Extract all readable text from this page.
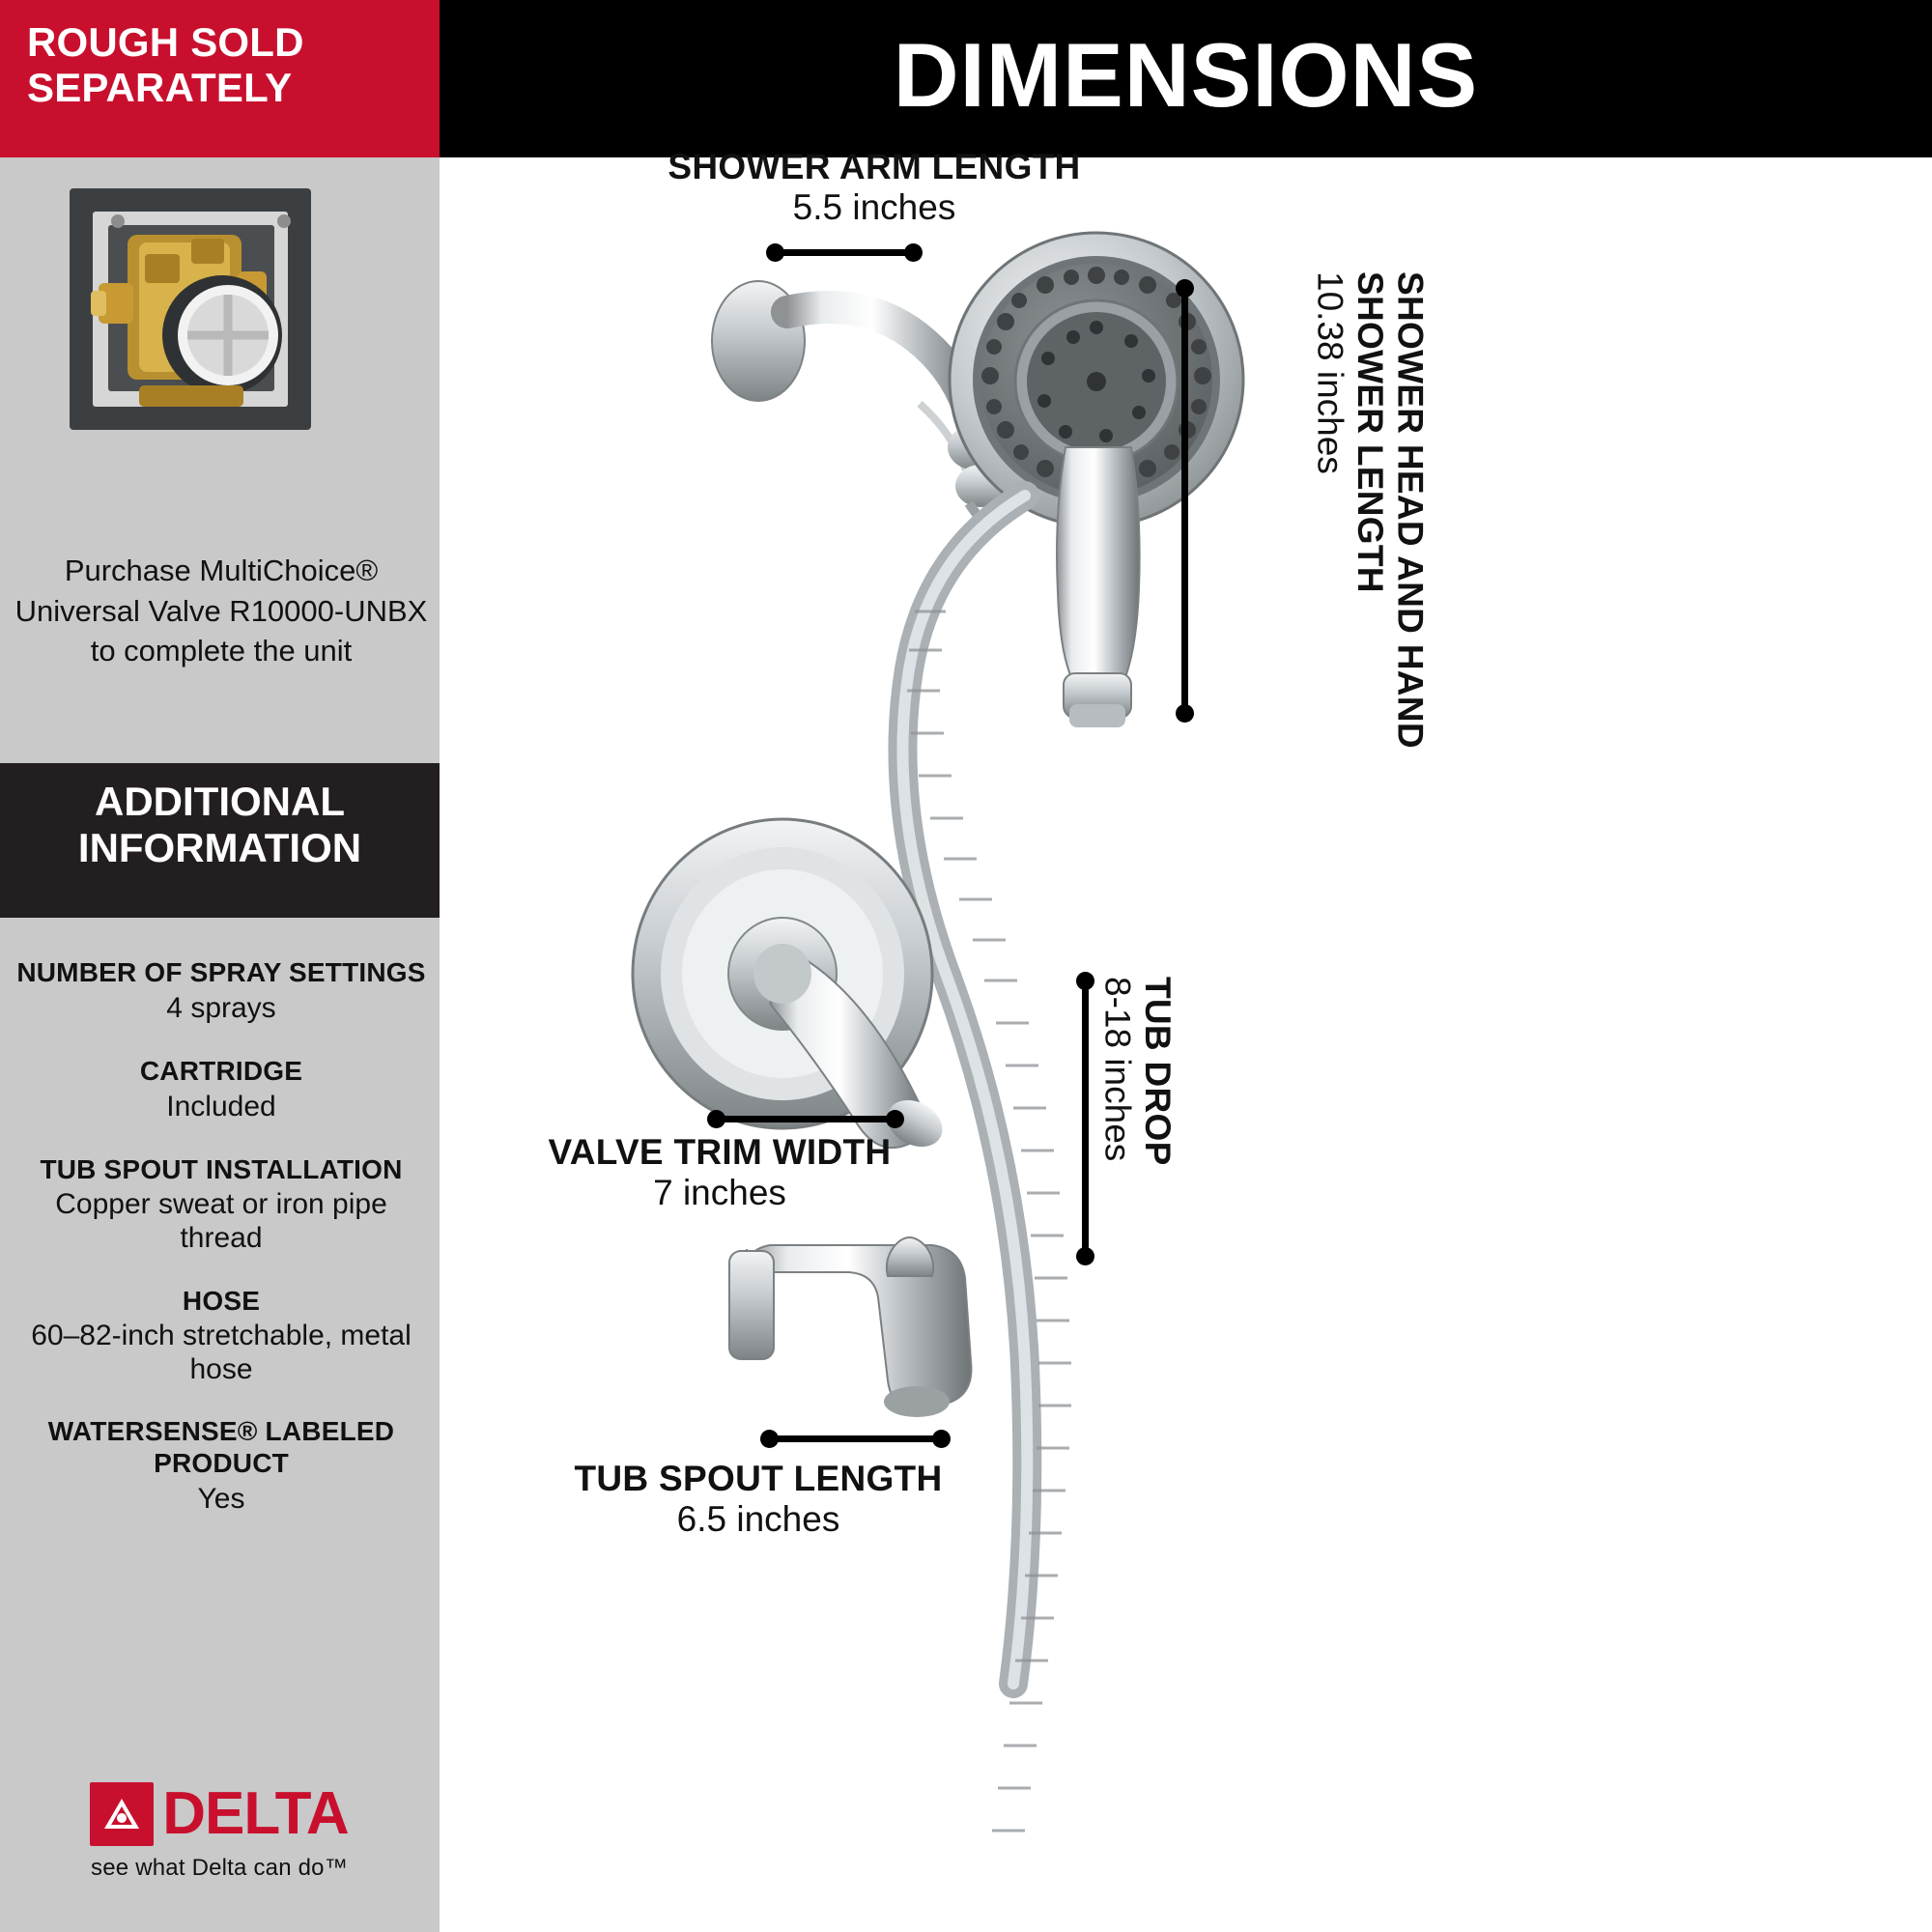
ROUGH SOLD
SEPARATELY
Purchase MultiChoice® Universal Valve R10000-UNBX to complete the unit
ADDITIONAL
INFORMATION
NUMBER OF SPRAY SETTINGS
4 sprays
CARTRIDGE
Included
TUB SPOUT INSTALLATION
Copper sweat or iron pipe thread
HOSE
60–82-inch stretchable, metal hose
WATERSENSE® LABELED PRODUCT
Yes
DELTA
see what Delta can do™
DIMENSIONS
SHOWER ARM LENGTH
5.5 inches
SHOWER HEAD AND HAND
SHOWER LENGTH
10.38 inches
TUB DROP
8-18 inches
VALVE TRIM WIDTH
7 inches
TUB SPOUT LENGTH
6.5 inches
